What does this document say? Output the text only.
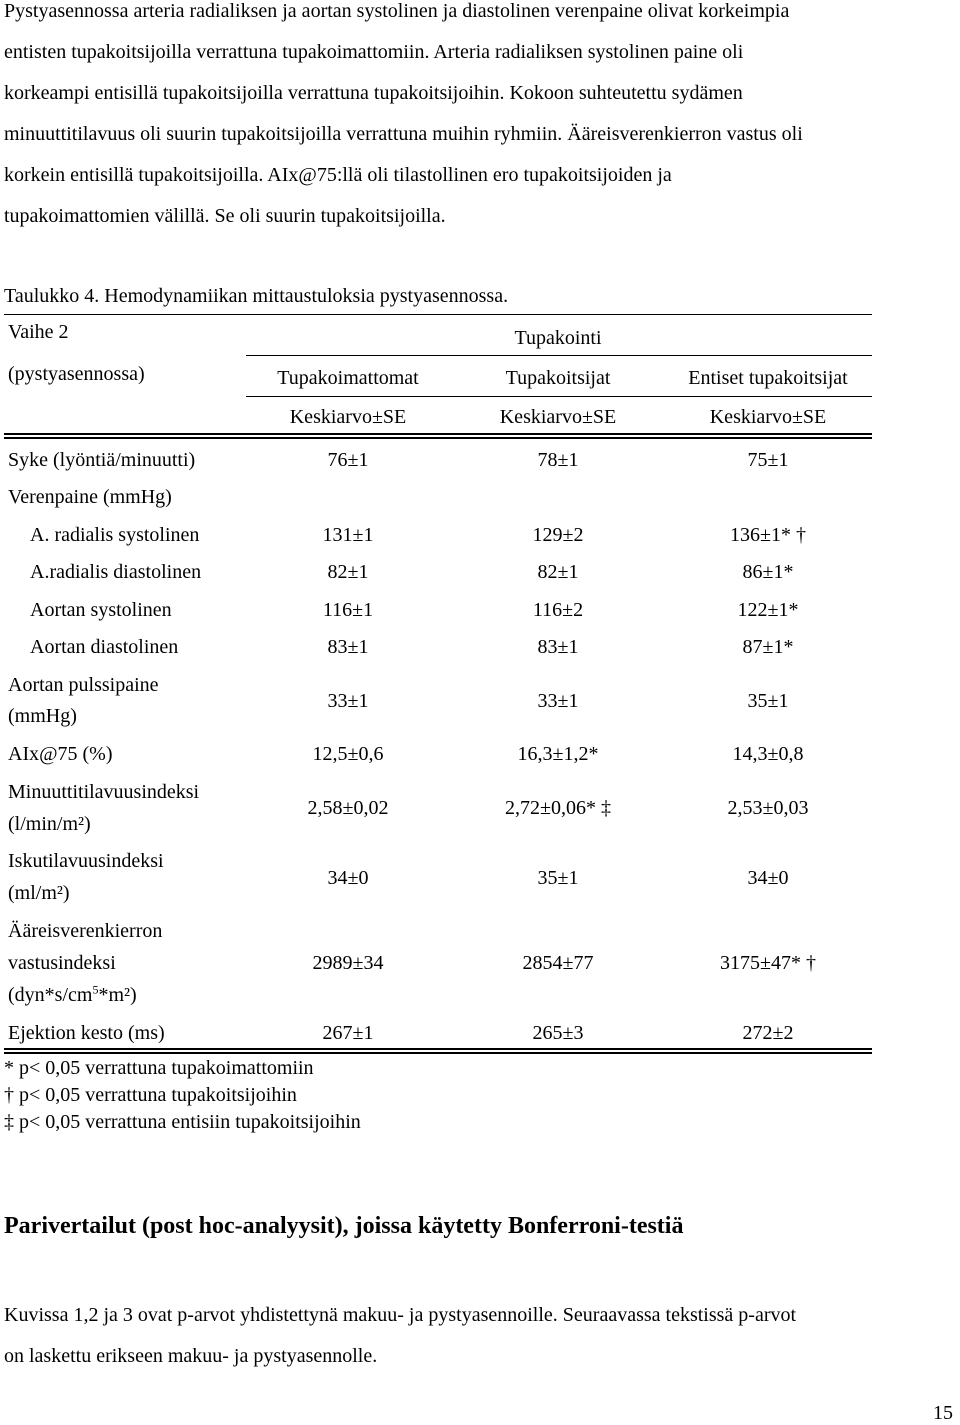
Pystyasennossa arteria radialiksen ja aortan systolinen ja diastolinen verenpaine olivat korkeimpia
entisten tupakoitsijoilla verrattuna tupakoimattomiin. Arteria radialiksen systolinen paine oli
korkeampi entisillä tupakoitsijoilla verrattuna tupakoitsijoihin. Kokoon suhteutettu sydämen
minuuttitilavuus oli suurin tupakoitsijoilla verrattuna muihin ryhmiin. Ääreisverenkierron vastus oli
korkein entisillä tupakoitsijoilla. AIx@75:llä oli tilastollinen ero tupakoitsijoiden ja
tupakoimattomien välillä. Se oli suurin tupakoitsijoilla.
Taulukko 4. Hemodynamiikan mittaustuloksia pystyasennossa.
Vaihe 2
(pystyasennossa)
Tupakointi
Tupakoimattomat	Tupakoitsijat	Entiset tupakoitsijat
Keskiarvo±SE	Keskiarvo±SE	Keskiarvo±SE
Syke (lyöntiä/minuutti)	76±1	78±1	75±1
Verenpaine (mmHg)
A. radialis systolinen	131±1	129±2	136±1* †
A.radialis diastolinen	82±1	82±1	86±1*
Aortan systolinen	116±1	116±2	122±1*
Aortan diastolinen	83±1	83±1	87±1*
Aortan pulssipaine
(mmHg)
33±1	33±1	35±1
AIx@75 (%)	12,5±0,6	16,3±1,2*	14,3±0,8
Minuuttitilavuusindeksi
(l/min/m²)
2,58±0,02	2,72±0,06* ‡	2,53±0,03
Iskutilavuusindeksi
(ml/m²)
34±0	35±1	34±0
Ääreisverenkierron
vastusindeksi
$(dyn*s/cm^5*m^2)$
2989±34	2854±77	3175±47* †
Ejektion kesto (ms)	267±1	265±3	272±2
* p< 0,05 verrattuna tupakoimattomiin
† p< 0,05 verrattuna tupakoitsijoihin
‡ p< 0,05 verrattuna entisiin tupakoitsijoihin
Parivertailut (post hoc-analyysit), joissa käytetty Bonferroni-testiä
Kuvissa 1,2 ja 3 ovat p-arvot yhdistettynä makuu- ja pystyasennoille. Seuraavassa tekstissä p-arvot
on laskettu erikseen makuu- ja pystyasennolle.
15
